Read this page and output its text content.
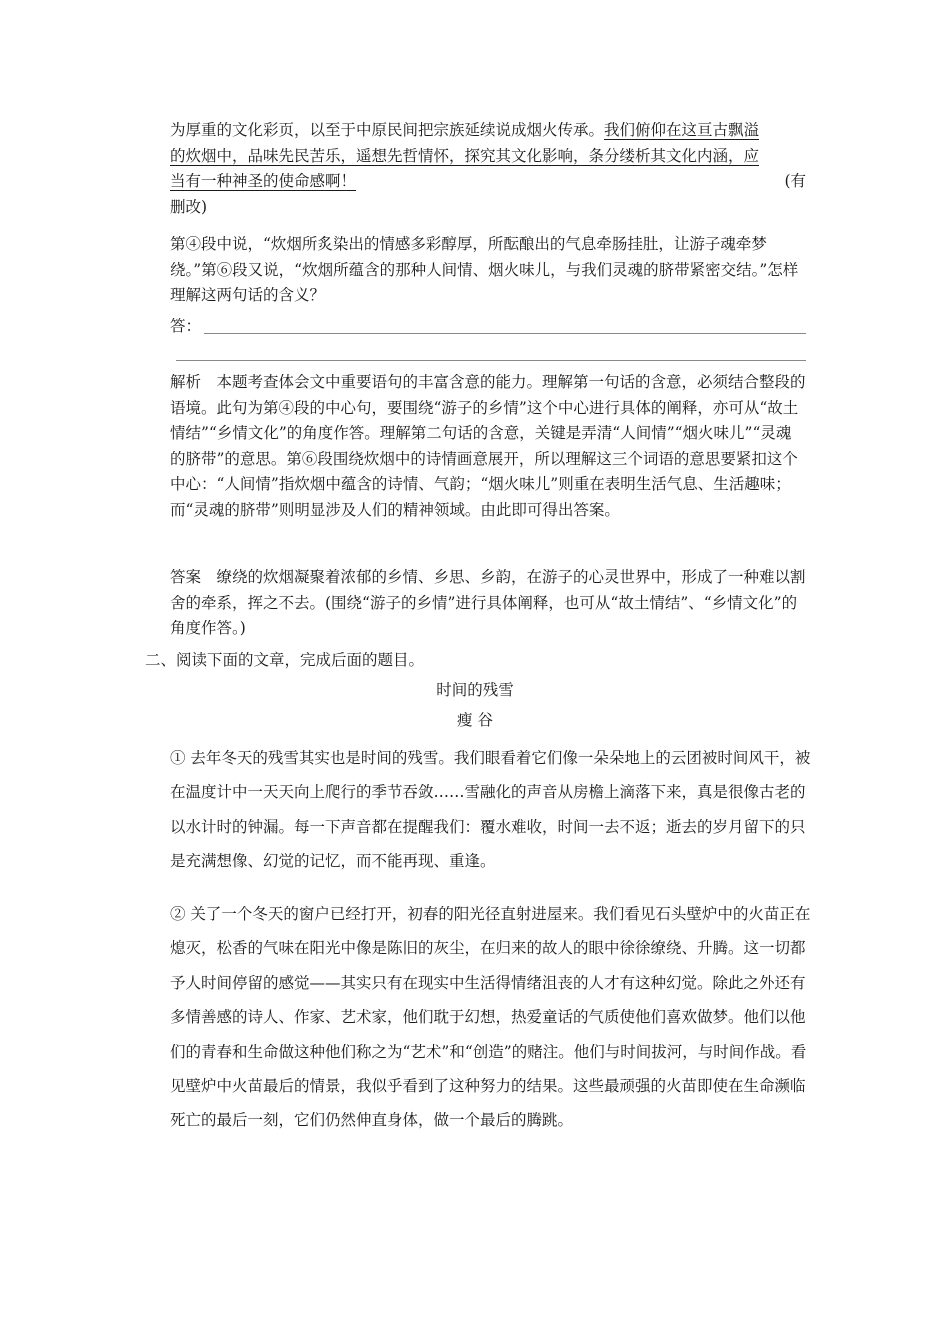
为厚重的文化彩页，以至于中原民间把宗族延续说成烟火传承。我们俯仰在这亘古飘溢
的炊烟中，品味先民苦乐，遥想先哲情怀，探究其文化影响，条分缕析其文化内涵，应
当有一种神圣的使命感啊！	(有

删改)
第④段中说，“炊烟所炙染出的情感多彩醇厚，所酝酿出的气息牵肠挂肚，让游子魂牵梦绕。”第⑥段又说，“炊烟所蕴含的那种人间情、烟火味儿，与我们灵魂的脐带紧密交结。”怎样理解这两句话的含义？
答：
解析　本题考查体会文中重要语句的丰富含意的能力。理解第一句话的含意，必须结合整段的语境。此句为第④段的中心句，要围绕“游子的乡情”这个中心进行具体的阐释，亦可从“故土情结”“乡情文化”的角度作答。理解第二句话的含意，关键是弄清“人间情”“烟火味儿”“灵魂的脐带”的意思。第⑥段围绕炊烟中的诗情画意展开，所以理解这三个词语的意思要紧扣这个中心：“人间情”指炊烟中蕴含的诗情、气韵；“烟火味儿”则重在表明生活气息、生活趣味；而“灵魂的脐带”则明显涉及人们的精神领域。由此即可得出答案。
答案　缭绕的炊烟凝聚着浓郁的乡情、乡思、乡韵，在游子的心灵世界中，形成了一种难以割舍的牵系，挥之不去。(围绕“游子的乡情”进行具体阐释，也可从“故土情结”、“乡情文化”的角度作答。)
二、阅读下面的文章，完成后面的题目。
时间的残雪
瘦 谷
① 去年冬天的残雪其实也是时间的残雪。我们眼看着它们像一朵朵地上的云团被时间风干，被在温度计中一天天向上爬行的季节吞敛……雪融化的声音从房檐上滴落下来，真是很像古老的以水计时的钟漏。每一下声音都在提醒我们：覆水难收，时间一去不返；逝去的岁月留下的只是充满想像、幻觉的记忆，而不能再现、重逢。
② 关了一个冬天的窗户已经打开，初春的阳光径直射进屋来。我们看见石头壁炉中的火苗正在熄灭，松香的气味在阳光中像是陈旧的灰尘，在归来的故人的眼中徐徐缭绕、升腾。这一切都予人时间停留的感觉——其实只有在现实中生活得情绪沮丧的人才有这种幻觉。除此之外还有多情善感的诗人、作家、艺术家，他们耽于幻想，热爱童话的气质使他们喜欢做梦。他们以他们的青春和生命做这种他们称之为“艺术”和“创造”的赌注。他们与时间拔河，与时间作战。看见壁炉中火苗最后的情景，我似乎看到了这种努力的结果。这些最顽强的火苗即使在生命濒临死亡的最后一刻，它们仍然伸直身体，做一个最后的腾跳。
